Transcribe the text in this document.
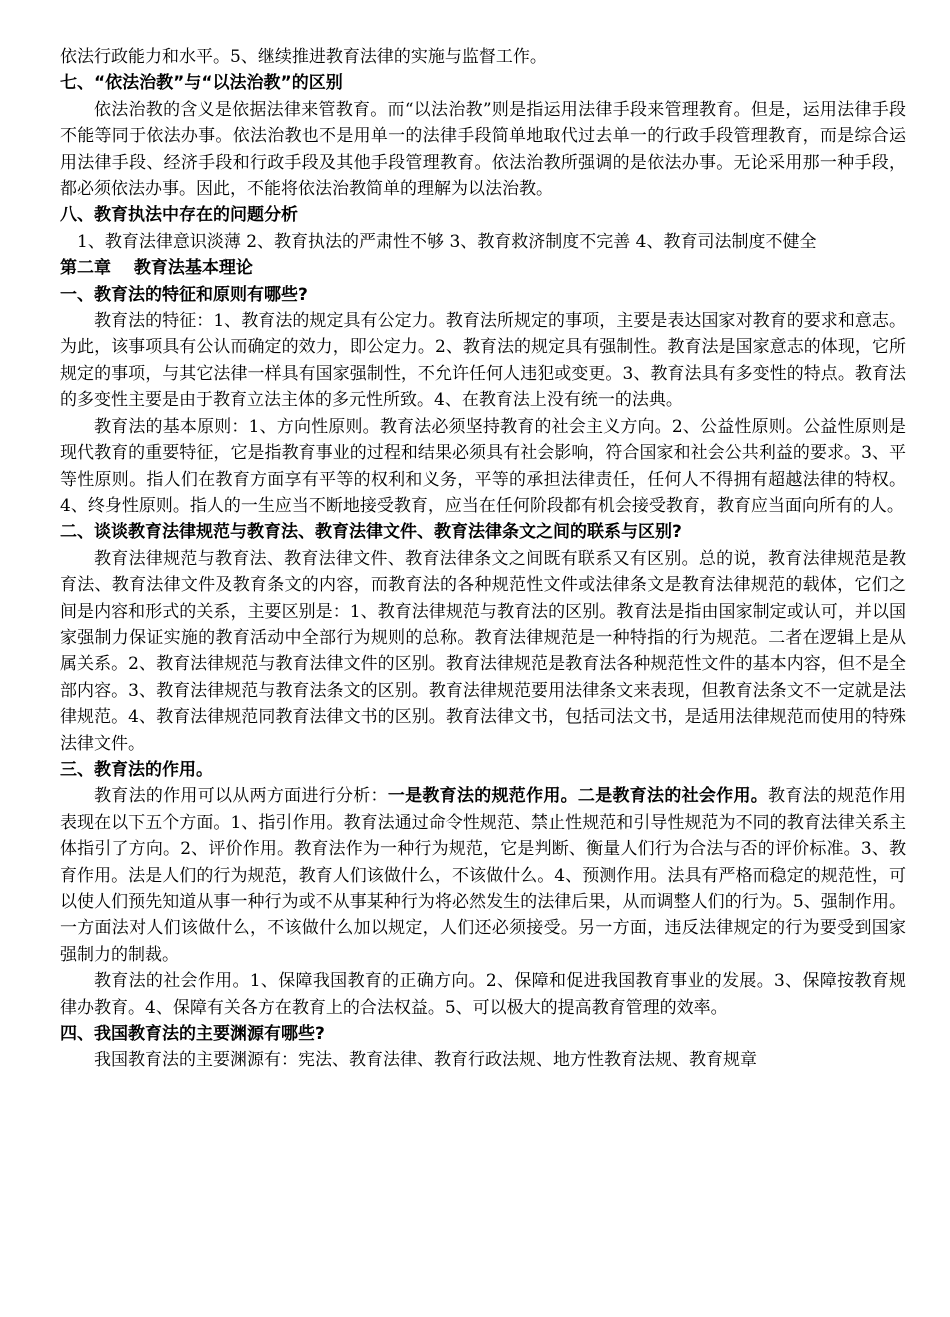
依法行政能力和水平。5、继续推进教育法律的实施与监督工作。

七、“依法治教”与“以法治教”的区别

依法治教的含义是依据法律来管教育。而“以法治教”则是指运用法律手段来管理教育。但是，运用法律手段不能等同于依法办事。依法治教也不是用单一的法律手段简单地取代过去单一的行政手段管理教育，而是综合运用法律手段、经济手段和行政手段及其他手段管理教育。依法治教所强调的是依法办事。无论采用那一种手段，都必须依法办事。因此，不能将依法治教简单的理解为以法治教。

八、教育执法中存在的问题分析

1、教育法律意识淡薄 2、教育执法的严肃性不够 3、教育救济制度不完善 4、教育司法制度不健全

第二章　 教育法基本理论

一、教育法的特征和原则有哪些?

教育法的特征：1、教育法的规定具有公定力。教育法所规定的事项，主要是表达国家对教育的要求和意志。为此，该事项具有公认而确定的效力，即公定力。2、教育法的规定具有强制性。教育法是国家意志的体现，它所规定的事项，与其它法律一样具有国家强制性，不允许任何人违犯或变更。3、教育法具有多变性的特点。教育法的多变性主要是由于教育立法主体的多元性所致。4、在教育法上没有统一的法典。

教育法的基本原则：1、方向性原则。教育法必须坚持教育的社会主义方向。2、公益性原则。公益性原则是现代教育的重要特征，它是指教育事业的过程和结果必须具有社会影响，符合国家和社会公共利益的要求。3、平等性原则。指人们在教育方面享有平等的权利和义务，平等的承担法律责任，任何人不得拥有超越法律的特权。4、终身性原则。指人的一生应当不断地接受教育，应当在任何阶段都有机会接受教育，教育应当面向所有的人。

二、谈谈教育法律规范与教育法、教育法律文件、教育法律条文之间的联系与区别?

教育法律规范与教育法、教育法律文件、教育法律条文之间既有联系又有区别。总的说，教育法律规范是教育法、教育法律文件及教育条文的内容，而教育法的各种规范性文件或法律条文是教育法律规范的载体，它们之间是内容和形式的关系，主要区别是：1、教育法律规范与教育法的区别。教育法是指由国家制定或认可，并以国家强制力保证实施的教育活动中全部行为规则的总称。教育法律规范是一种特指的行为规范。二者在逻辑上是从属关系。2、教育法律规范与教育法律文件的区别。教育法律规范是教育法各种规范性文件的基本内容，但不是全部内容。3、教育法律规范与教育法条文的区别。教育法律规范要用法律条文来表现，但教育法条文不一定就是法律规范。4、教育法律规范同教育法律文书的区别。教育法律文书，包括司法文书，是适用法律规范而使用的特殊法律文件。

三、教育法的作用。

教育法的作用可以从两方面进行分析：一是教育法的规范作用。二是教育法的社会作用。教育法的规范作用表现在以下五个方面。1、指引作用。教育法通过命令性规范、禁止性规范和引导性规范为不同的教育法律关系主体指引了方向。2、评价作用。教育法作为一种行为规范，它是判断、衡量人们行为合法与否的评价标准。3、教育作用。法是人们的行为规范，教育人们该做什么，不该做什么。4、预测作用。法具有严格而稳定的规范性，可以使人们预先知道从事一种行为或不从事某种行为将必然发生的法律后果，从而调整人们的行为。5、强制作用。一方面法对人们该做什么，不该做什么加以规定，人们还必须接受。另一方面，违反法律规定的行为要受到国家强制力的制裁。

教育法的社会作用。1、保障我国教育的正确方向。2、保障和促进我国教育事业的发展。3、保障按教育规律办教育。4、保障有关各方在教育上的合法权益。5、可以极大的提高教育管理的效率。

四、我国教育法的主要渊源有哪些?

我国教育法的主要渊源有：宪法、教育法律、教育行政法规、地方性教育法规、教育规章
